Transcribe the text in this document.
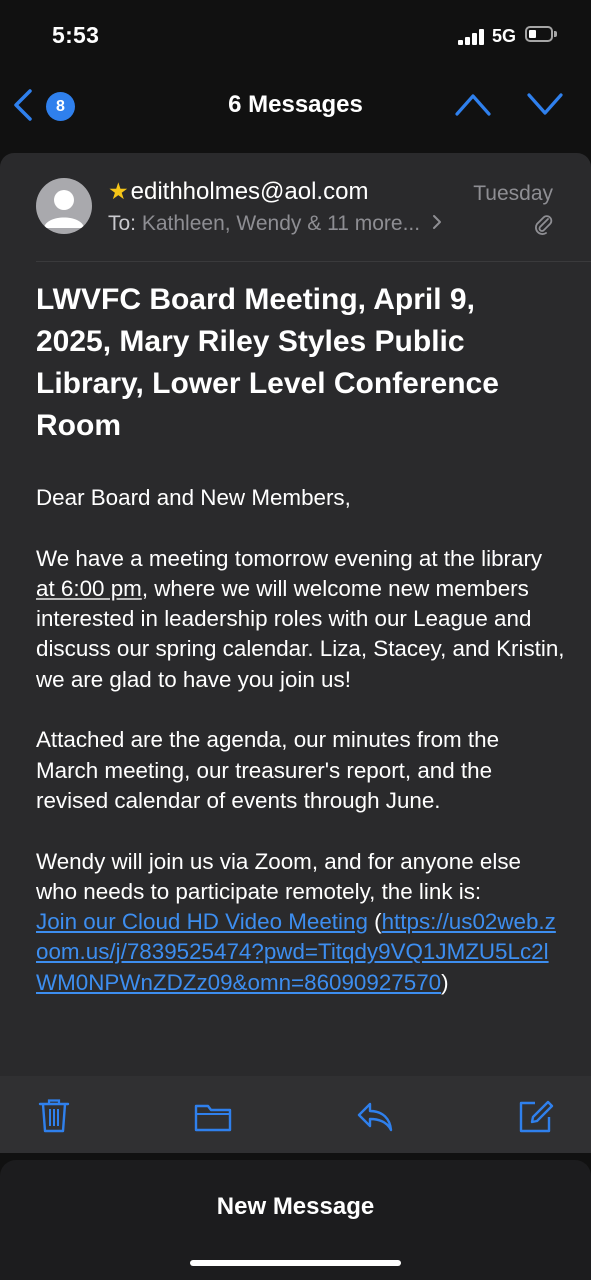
5:53	5G
8	6 Messages
★edithholmes@aol.com	Tuesday
To: Kathleen, Wendy & 11 more...
LWVFC Board Meeting, April 9, 2025, Mary Riley Styles Public Library, Lower Level Conference Room

Dear Board and New Members,

We have a meeting tomorrow evening at the library at 6:00 pm, where we will welcome new members interested in leadership roles with our League and discuss our spring calendar. Liza, Stacey, and Kristin, we are glad to have you join us!

Attached are the agenda, our minutes from the March meeting, our treasurer's report, and the revised calendar of events through June.

Wendy will join us via Zoom, and for anyone else who needs to participate remotely, the link is:
Join our Cloud HD Video Meeting (https://us02web.zoom.us/j/7839525474?pwd=Titqdy9VQ1JMZU5Lc2lWM0NPWnZDZz09&omn=86090927570)

New Message
